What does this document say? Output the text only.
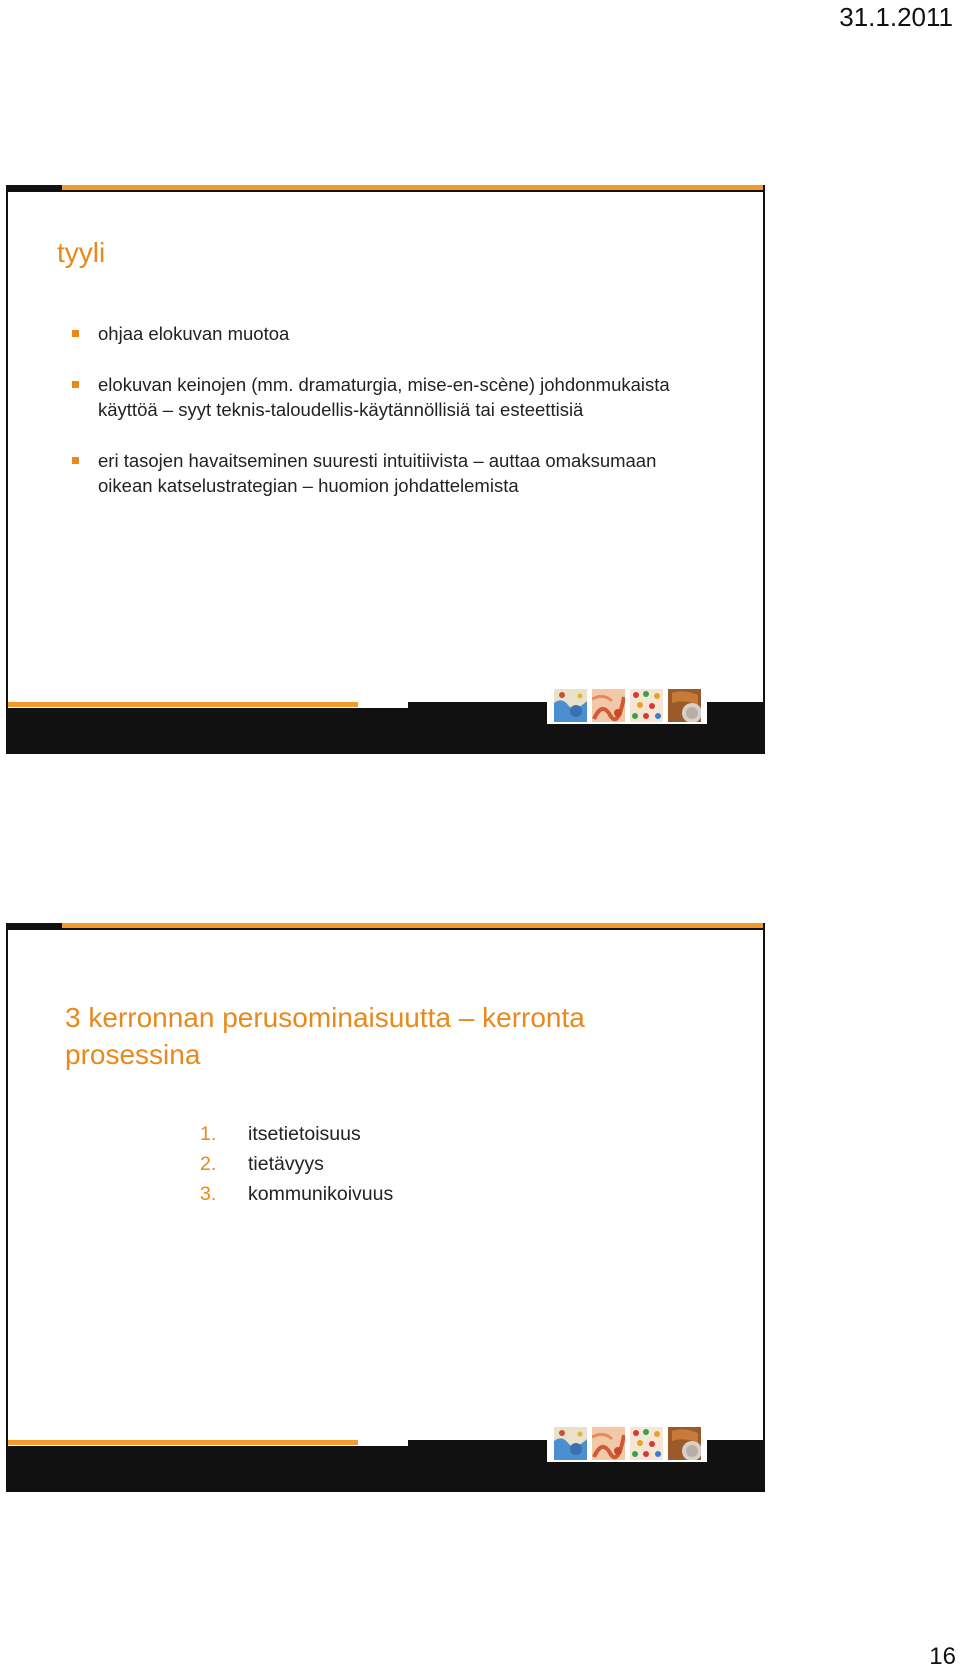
31.1.2011
tyyli
ohjaa elokuvan muotoa
elokuvan keinojen (mm. dramaturgia, mise-en-scène) johdonmukaista käyttöä – syyt teknis-taloudellis-käytännöllisiä tai esteettisiä
eri tasojen havaitseminen suuresti intuitiivista – auttaa omaksumaan oikean katselustrategian – huomion johdattelemista
3 kerronnan perusominaisuutta – kerronta prosessina
1.	itsetietoisuus
2.	tietävyys
3.	kommunikoivuus
16
